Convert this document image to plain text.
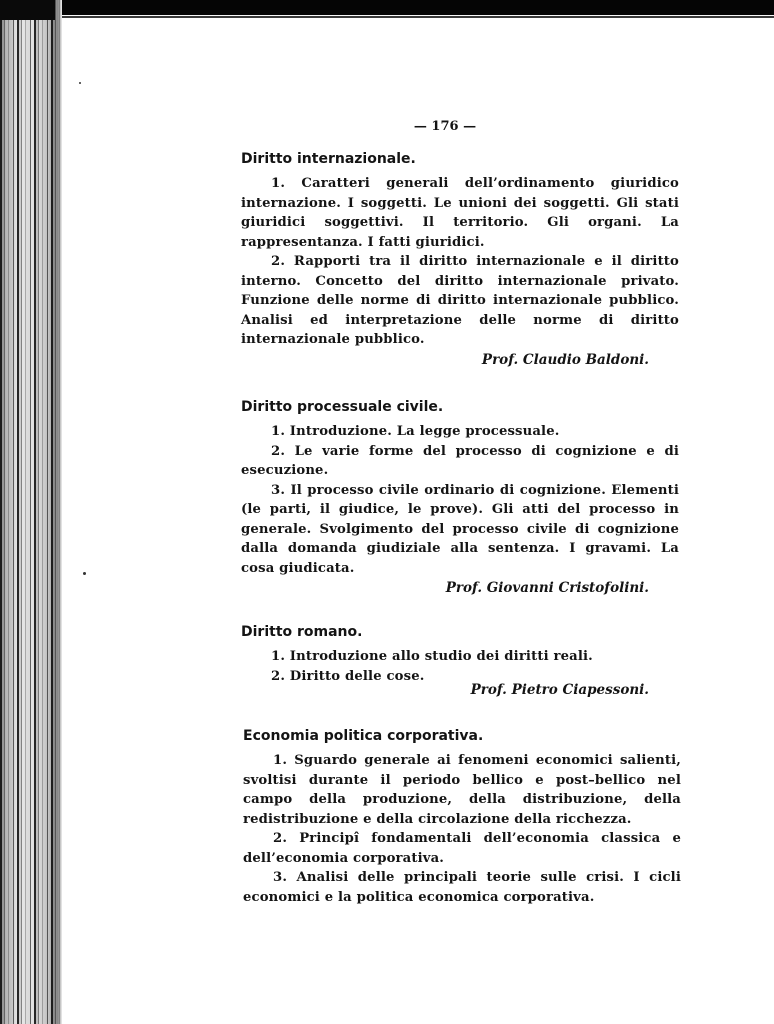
— 176 —
Diritto internazionale.

1. Caratteri generali dell’ordinamento giuridico internazione. I soggetti. Le unioni dei soggetti. Gli stati giuridici soggettivi. Il territorio. Gli organi. La rappresentanza. I fatti giuridici.

2. Rapporti tra il diritto internazionale e il diritto interno. Concetto del diritto internazionale privato. Funzione delle norme di diritto internazionale pubblico. Analisi ed interpretazione delle norme di diritto internazionale pubblico.

Prof. Claudio Baldoni.
Diritto processuale civile.

1. Introduzione. La legge processuale.

2. Le varie forme del processo di cognizione e di esecuzione.

3. Il processo civile ordinario di cognizione. Elementi (le parti, il giudice, le prove). Gli atti del processo in generale. Svolgimento del processo civile di cognizione dalla domanda giudiziale alla sentenza. I gravami. La cosa giudicata.

Prof. Giovanni Cristofolini.
Diritto romano.

1. Introduzione allo studio dei diritti reali.

2. Diritto delle cose.

Prof. Pietro Ciapessoni.
Economia politica corporativa.

1. Sguardo generale ai fenomeni economici salienti, svoltisi durante il periodo bellico e post–bellico nel campo della produzione, della distribuzione, della redistribuzione e della circolazione della ricchezza.

2. Principî fondamentali dell’economia classica e dell’economia corporativa.

3. Analisi delle principali teorie sulle crisi. I cicli economici e la politica economica corporativa.
